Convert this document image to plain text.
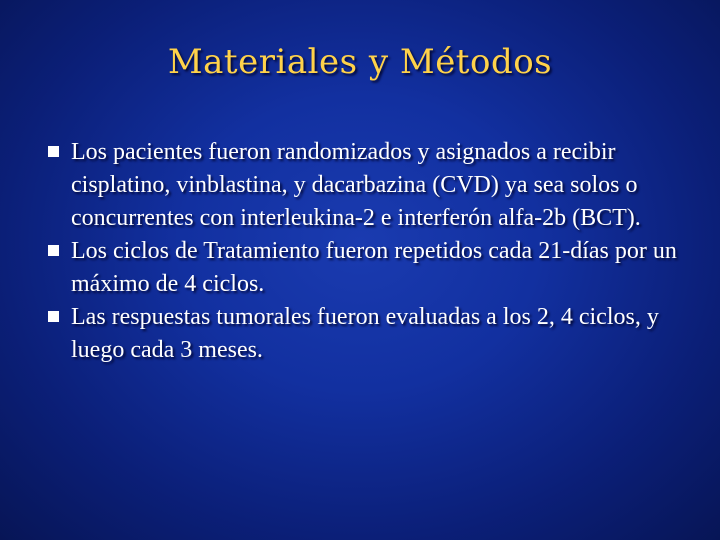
Materiales y Métodos
Los pacientes fueron randomizados y asignados a recibir cisplatino, vinblastina, y dacarbazina (CVD) ya sea solos o concurrentes con interleukina-2 e interferón alfa-2b (BCT).
Los ciclos de Tratamiento fueron repetidos cada 21-días por un máximo de 4 ciclos.
Las respuestas tumorales fueron evaluadas a los 2, 4 ciclos, y luego cada 3 meses.
